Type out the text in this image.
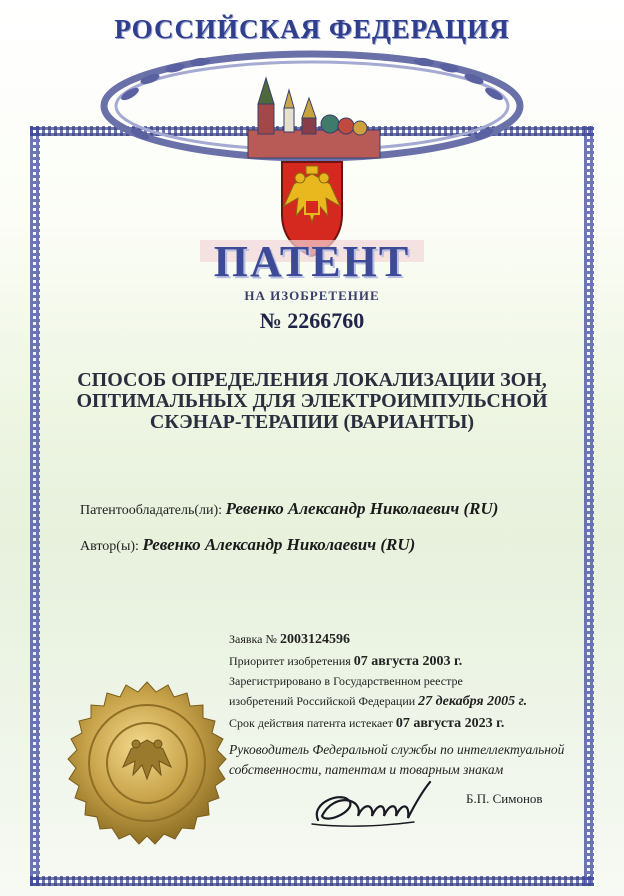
РОССИЙСКАЯ ФЕДЕРАЦИЯ
ПАТЕНТ
НА ИЗОБРЕТЕНИЕ
№ 2266760
СПОСОБ ОПРЕДЕЛЕНИЯ ЛОКАЛИЗАЦИИ ЗОН,
ОПТИМАЛЬНЫХ ДЛЯ ЭЛЕКТРОИМПУЛЬСНОЙ
СКЭНАР-ТЕРАПИИ (ВАРИАНТЫ)
Патентообладатель(ли): Ревенко Александр Николаевич (RU)
Автор(ы): Ревенко Александр Николаевич (RU)
Заявка № 2003124596
Приоритет изобретения 07 августа 2003 г.
Зарегистрировано в Государственном реестре
изобретений Российской Федерации 27 декабря 2005 г.
Срок действия патента истекает 07 августа 2023 г.
Руководитель Федеральной службы по интеллектуальной
собственности, патентам и товарным знакам
Б.П. Симонов
